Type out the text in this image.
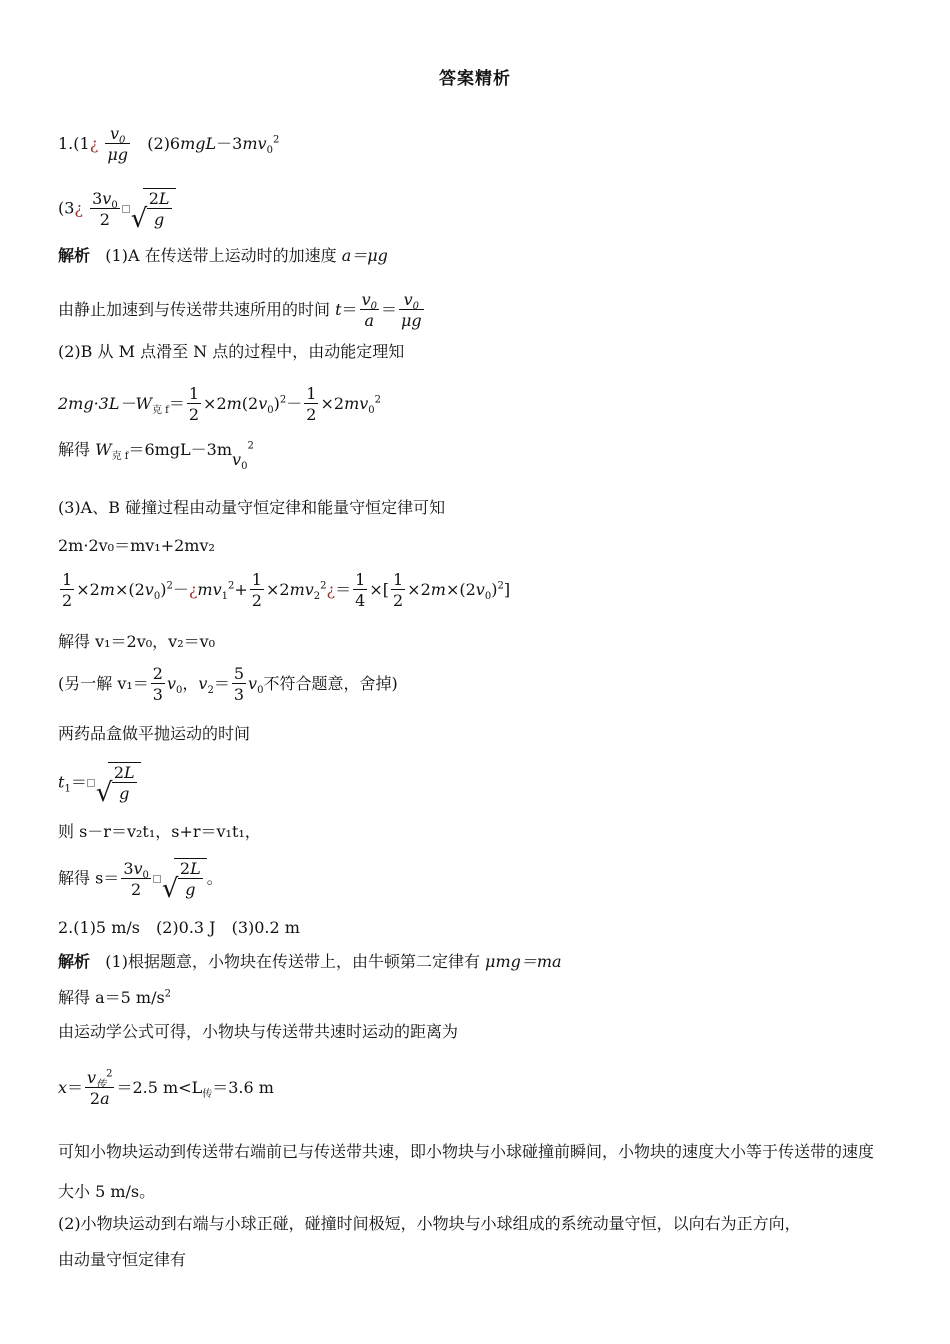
答案精析
1.(1¿ $\frac{v_0}{\mu g} (2)6mgL-3mv_0^2$
(3¿ $\frac{3v_0}{2}$ √ $\frac{2L}{g}$
解析 (1)A 在传送带上运动时的加速度 a＝μg
由静止加速到与传送带共速所用的时间 $t= \frac{v_0}{a} = \frac{v_0}{\mu g}$
(2)B 从 M 点滑至 N 点的过程中，由动能定理知
$2mg\cdot 3L-W_{克 f}= \frac{1}{2} \times 2m(2v_0)^2- \frac{1}{2} \times 2mv_0^2$
解得 $W_{克 f}=6mgL-3mv_0^2$
(3)A、B 碰撞过程由动量守恒定律和能量守恒定律可知
2m·2v₀＝mv₁+2mv₂
$\frac{1}{2}$ $\times 2m\times(2v_0)^2-¿mv_1^2+ \frac{1}{2}$ $\times 2mv_2^2¿= \frac{1}{4}$ ×[ $\frac{1}{2} \times 2m\times(2v_0)^2$]
解得 v₁＝2v₀，v₂＝v₀
(另一解 $v_1= \frac{2}{3} v_0$，$v_2= \frac{5}{3} v_0$不符合题意，舍掉)
两药品盒做平抛运动的时间
$t_1=$ √ $\frac{2L}{g}$
则 s－r＝v₂t₁，s+r＝v₁t₁，
解得 $s= \frac{3v_0}{2}$ √ $\frac{2L}{g}$ 。
2.(1)5 m/s　(2)0.3 J　(3)0.2 m
解析 (1)根据题意，小物块在传送带上，由牛顿第二定律有 μmg＝ma
解得 a＝5 $m/s^2$
由运动学公式可得，小物块与传送带共速时运动的距离为
$x= \frac{v_传^2}{2a} =2.5$ $m<L_传=3.6$ m
可知小物块运动到传送带右端前已与传送带共速，即小物块与小球碰撞前瞬间，小物块的速度大小等于传送带的速度大小 5 m/s。
(2)小物块运动到右端与小球正碰，碰撞时间极短，小物块与小球组成的系统动量守恒，以向右为正方向，
由动量守恒定律有
